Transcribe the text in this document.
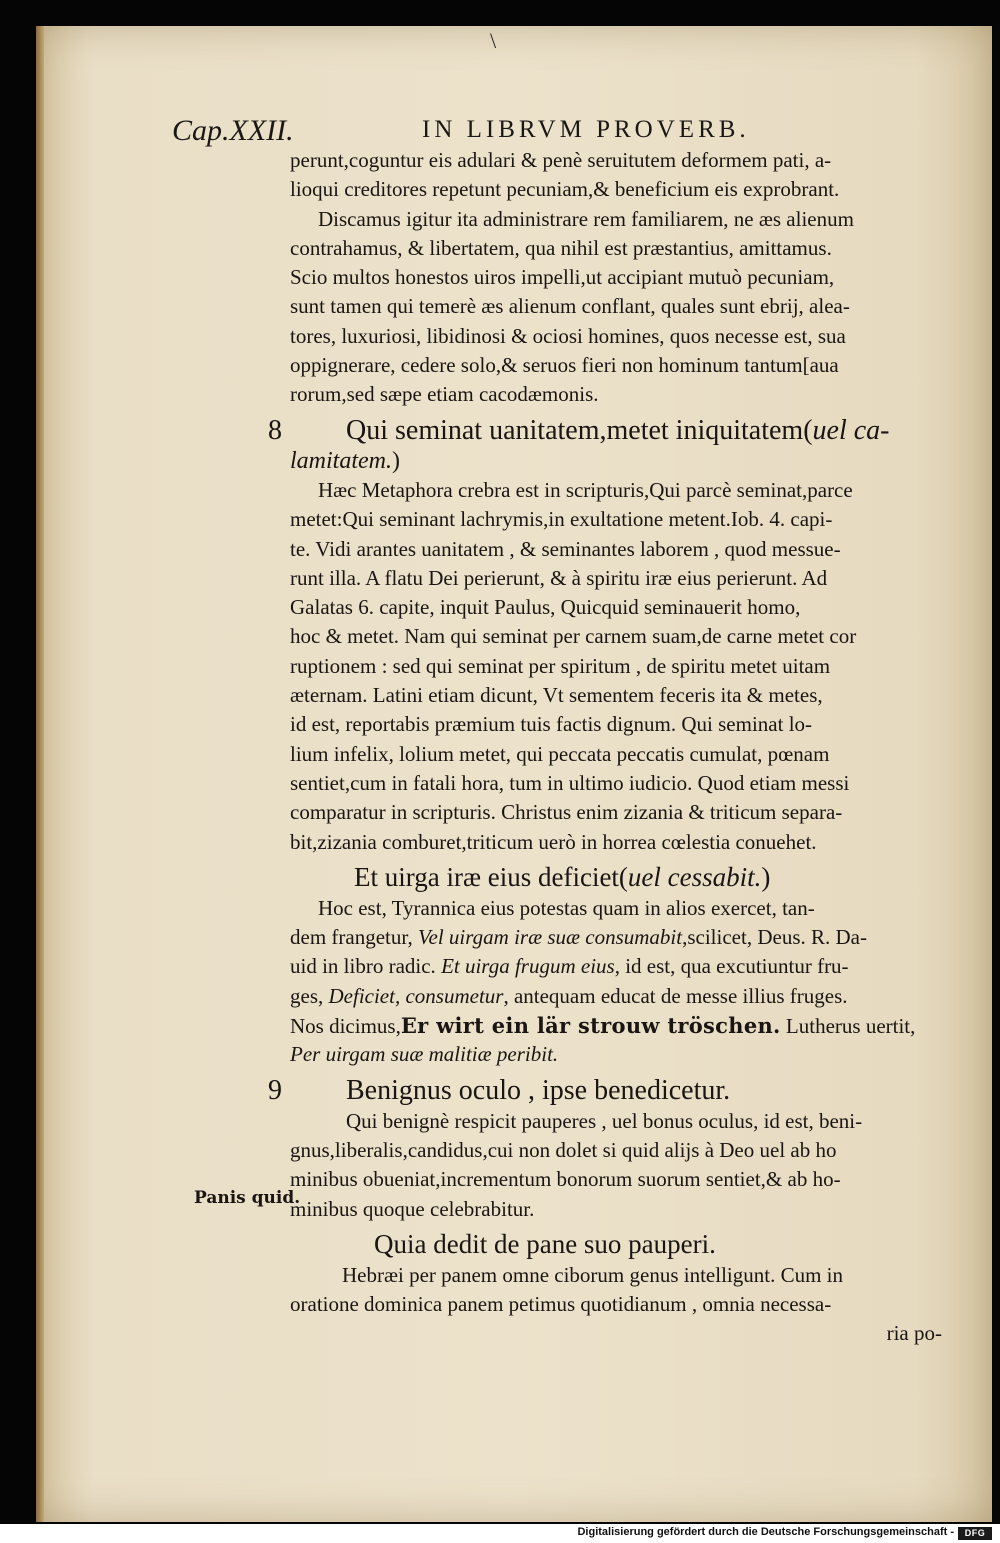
\
Cap.XXII.	IN LIBRVM PROVERB.
Panis quid.
perunt,coguntur eis adulari & penè seruitutem deformem pati, a-
lioqui creditores repetunt pecuniam,& beneficium eis exprobrant.
Discamus igitur ita administrare rem familiarem, ne æs alienum
contrahamus, & libertatem, qua nihil est præstantius, amittamus.
Scio multos honestos uiros impelli,ut accipiant mutuò pecuniam,
sunt tamen qui temerè æs alienum conflant, quales sunt ebrij, alea-
tores, luxuriosi, libidinosi & ociosi homines, quos necesse est, sua
oppignerare, cedere solo,& seruos fieri non hominum tantum[aua
rorum,sed sæpe etiam cacodæmonis.
8 Qui seminat uanitatem,metet iniquitatem(uel ca-
lamitatem.)
Hæc Metaphora crebra est in scripturis,Qui parcè seminat,parce
metet:Qui seminant lachrymis,in exultatione metent.Iob. 4. capi-
te. Vidi arantes uanitatem , & seminantes laborem , quod messue-
runt illa. A flatu Dei perierunt, & à spiritu iræ eius perierunt. Ad
Galatas 6. capite, inquit Paulus, Quicquid seminauerit homo,
hoc & metet. Nam qui seminat per carnem suam,de carne metet cor
ruptionem : sed qui seminat per spiritum , de spiritu metet uitam
æternam. Latini etiam dicunt, Vt sementem feceris ita & metes,
id est, reportabis præmium tuis factis dignum. Qui seminat lo-
lium infelix, lolium metet, qui peccata peccatis cumulat, pœnam
sentiet,cum in fatali hora, tum in ultimo iudicio. Quod etiam messi
comparatur in scripturis. Christus enim zizania & triticum separa-
bit,zizania comburet,triticum uerò in horrea cœlestia conuehet.
Et uirga iræ eius deficiet(uel cessabit.)
Hoc est, Tyrannica eius potestas quam in alios exercet, tan-
dem frangetur, Vel uirgam iræ suæ consumabit,scilicet, Deus. R. Da-
uid in libro radic. Et uirga frugum eius, id est, qua excutiuntur fru-
ges, Deficiet, consumetur, antequam educat de messe illius fruges.
Nos dicimus,Er wirt ein lär strouw tröschen. Lutherus uertit,
Per uirgam suæ malitiæ peribit.
9 Benignus oculo , ipse benedicetur.
Qui benignè respicit pauperes , uel bonus oculus, id est, beni-
gnus,liberalis,candidus,cui non dolet si quid alijs à Deo uel ab ho
minibus obueniat,incrementum bonorum suorum sentiet,& ab ho-
minibus quoque celebrabitur.
Quia dedit de pane suo pauperi.
Hebræi per panem omne ciborum genus intelligunt. Cum in
oratione dominica panem petimus quotidianum , omnia necessa-
ria po-
Digitalisierung gefördert durch die Deutsche Forschungsgemeinschaft -	DFG
